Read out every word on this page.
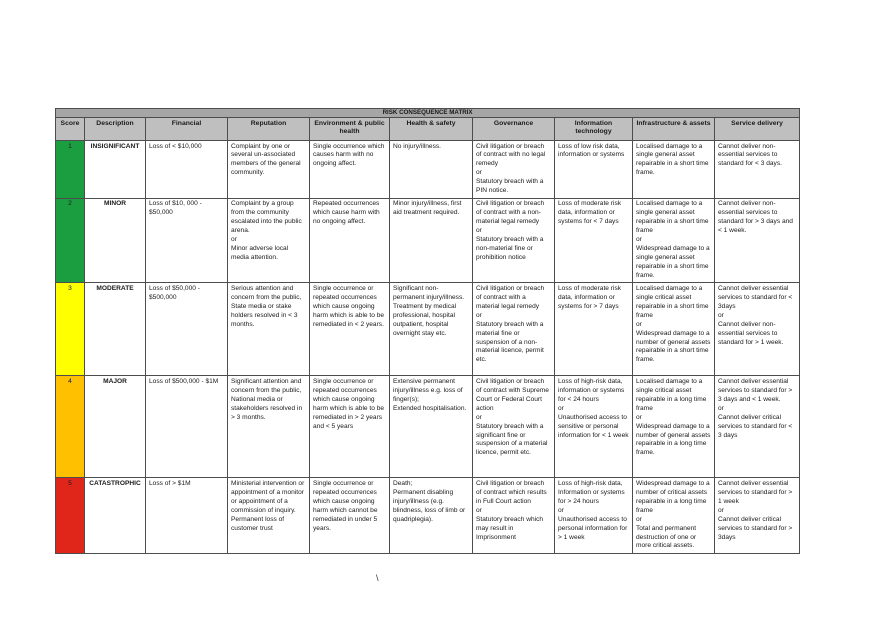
RISK CONSEQUENCE MATRIX									
Score	Description	Financial	Reputation	Environment & public health	Health & safety	Governance	Information technology	Infrastructure & assets	Service delivery
1	INSIGNIFICANT	Loss of < $10,000	Complaint by one or several un-associated members of the general community.	Single occurrence which causes harm with no ongoing affect.	No injury/illness.	Civil litigation or breach of contract with no legal remedy
or
Statutory breach with a PIN notice.	Loss of low risk data, information or systems	Localised damage to a single general asset repairable in a short time frame.	Cannot deliver non-essential services to standard for < 3 days.

2	MINOR	Loss of $10, 000 - $50,000	Complaint by a group from the community escalated into the public arena.
or
Minor adverse local media attention.	Repeated occurrences which cause harm with no ongoing affect.	Minor injury/illness, first aid treatment required.	Civil litigation or breach of contract with a non-material legal remedy
or
Statutory breach with a non-material fine or prohibition notice	Loss of moderate risk data, information or systems for < 7 days	Localised damage to a single general asset repairable in a short time frame
or
Widespread damage to a single general asset repairable in a short time frame.	Cannot deliver non-essential services to standard for > 3 days and < 1 week.

3	MODERATE	Loss of $50,000 - $500,000	Serious attention and concern from the public, State media or stake holders resolved in < 3 months.	Single occurrence or repeated occurrences which cause ongoing harm which is able to be remediated in < 2 years.	Significant non-permanent injury/illness. Treatment by medical professional, hospital outpatient, hospital overnight stay etc.	Civil litigation or breach of contract with a material legal remedy
or
Statutory breach with a material fine or suspension of a non-material licence, permit etc.	Loss of moderate risk data, information or systems for > 7 days	Localised damage to a single critical asset repairable in a short time frame
or
Widespread damage to a number of general assets repairable in a short time frame.	Cannot deliver essential services to standard for < 3days
or
Cannot deliver non-essential services to standard for > 1 week.

4	MAJOR	Loss of $500,000 - $1M	Significant attention and concern from the public, National media or stakeholders resolved in > 3 months.	Single occurrence or repeated occurrences which cause ongoing harm which is able to be remediated in > 2 years and < 5 years	Extensive permanent injury/illness e.g. loss of finger(s);
Extended hospitalisation.	Civil litigation or breach of contract with Supreme Court or Federal Court action
or
Statutory breach with a significant fine or suspension of a material licence, permit etc.	Loss of high-risk data, information or systems for < 24 hours
or
Unauthorised access to sensitive or personal information for < 1 week	Localised damage to a single critical asset repairable in a long time frame
or
Widespread damage to a number of general assets repairable in a long time frame.	Cannot deliver essential services to standard for > 3 days and < 1 week.
or
Cannot deliver critical services to standard for < 3 days

5	CATASTROPHIC	Loss of > $1M	Ministerial intervention or appointment of a monitor or appointment of a commission of inquiry. Permanent loss of customer trust	Single occurrence or repeated occurrences which cause ongoing harm which cannot be remediated in under 5 years.	Death;
Permanent disabling injury/illness (e.g. blindness, loss of limb or quadriplegia).	Civil litigation or breach of contract which results in Full Court action
or
Statutory breach which may result in Imprisonment	Loss of high-risk data, Information or systems for > 24 hours
or
Unauthorised access to personal information for > 1 week	Widespread damage to a number of critical assets repairable in a long time frame
or
Total and permanent destruction of one or more critical assets.	Cannot deliver essential services to standard for > 1 week
or
Cannot deliver critical services to standard for > 3days
\
